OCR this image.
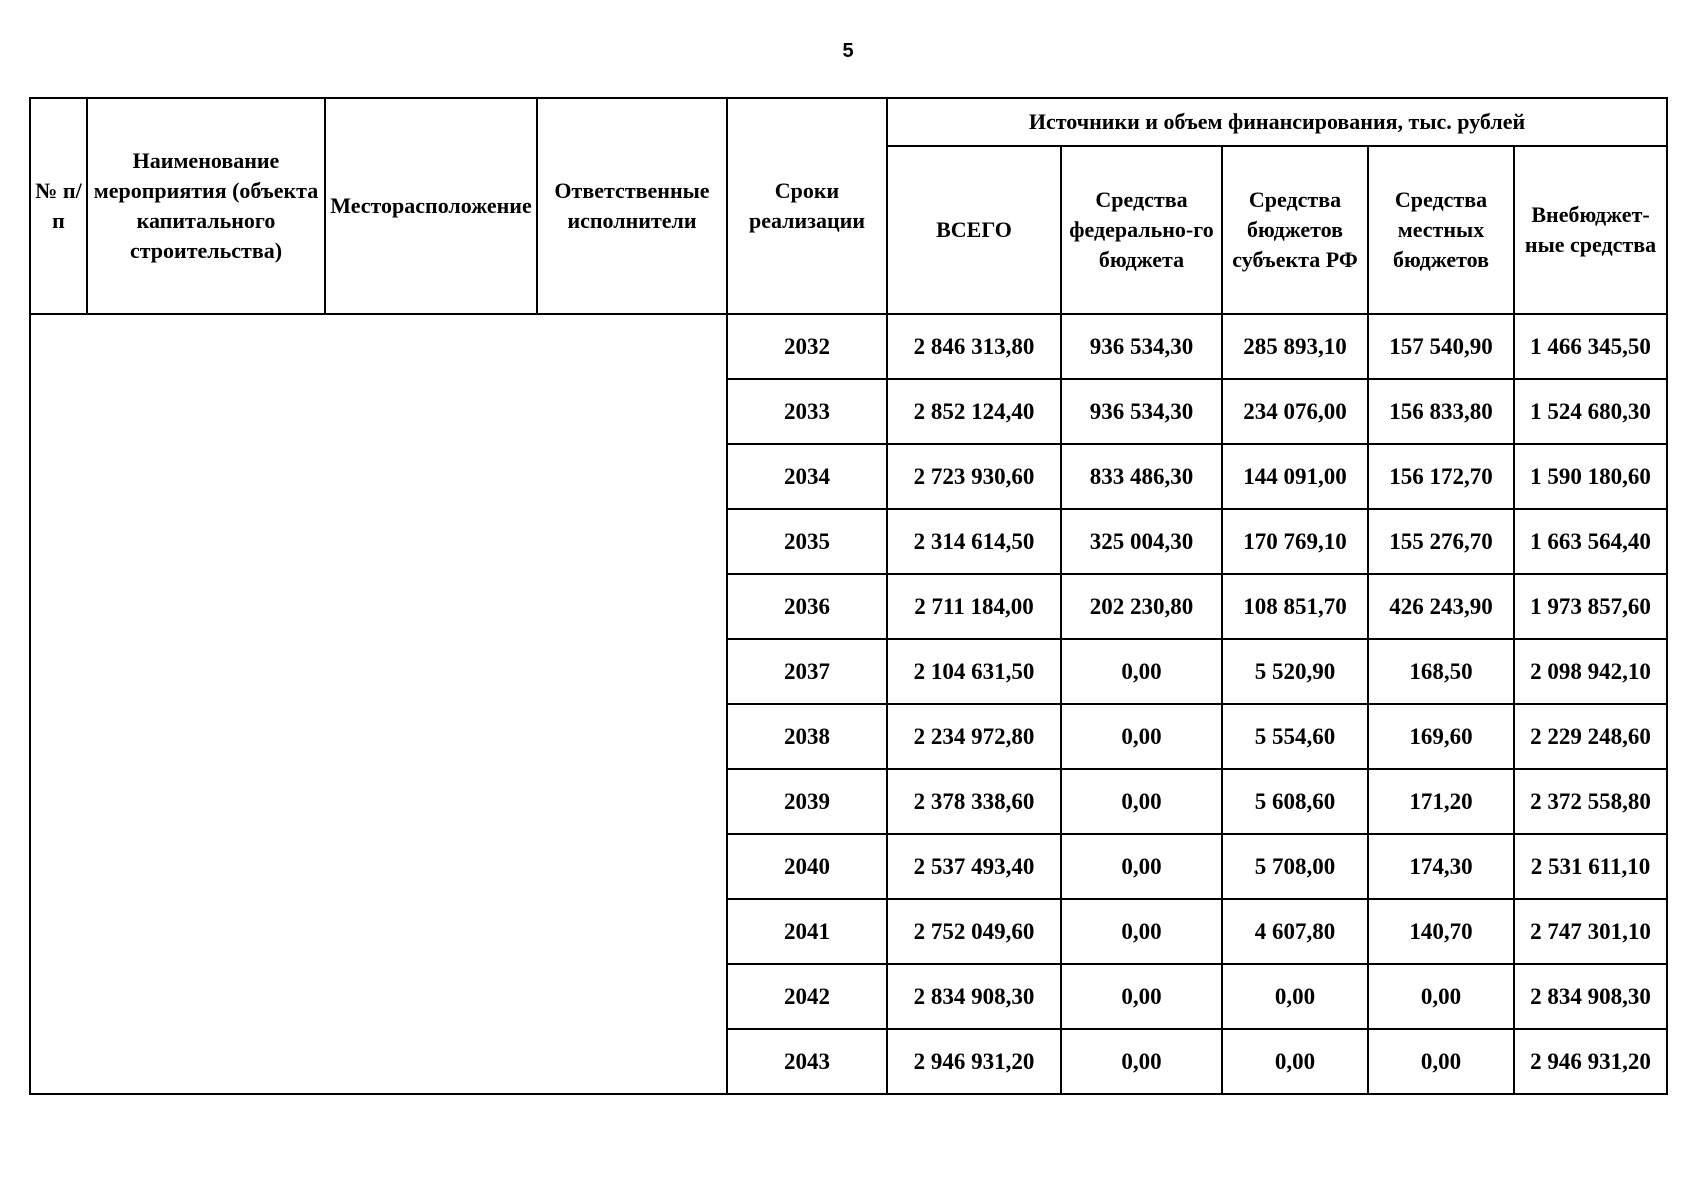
5
№ п/п	Наименование мероприятия (объекта капитального строительства)	Месторасположение	Ответственные исполнители	Сроки реализации	Источники и объем финансирования, тыс. рублей				
					ВСЕГО	Средства федерально-го бюджета	Средства бюджетов субъекта РФ	Средства местных бюджетов	Внебюджет-ные средства
				2032	2 846 313,80	936 534,30	285 893,10	157 540,90	1 466 345,50
				2033	2 852 124,40	936 534,30	234 076,00	156 833,80	1 524 680,30
				2034	2 723 930,60	833 486,30	144 091,00	156 172,70	1 590 180,60
				2035	2 314 614,50	325 004,30	170 769,10	155 276,70	1 663 564,40
				2036	2 711 184,00	202 230,80	108 851,70	426 243,90	1 973 857,60
				2037	2 104 631,50	0,00	5 520,90	168,50	2 098 942,10
				2038	2 234 972,80	0,00	5 554,60	169,60	2 229 248,60
				2039	2 378 338,60	0,00	5 608,60	171,20	2 372 558,80
				2040	2 537 493,40	0,00	5 708,00	174,30	2 531 611,10
				2041	2 752 049,60	0,00	4 607,80	140,70	2 747 301,10
				2042	2 834 908,30	0,00	0,00	0,00	2 834 908,30
				2043	2 946 931,20	0,00	0,00	0,00	2 946 931,20
